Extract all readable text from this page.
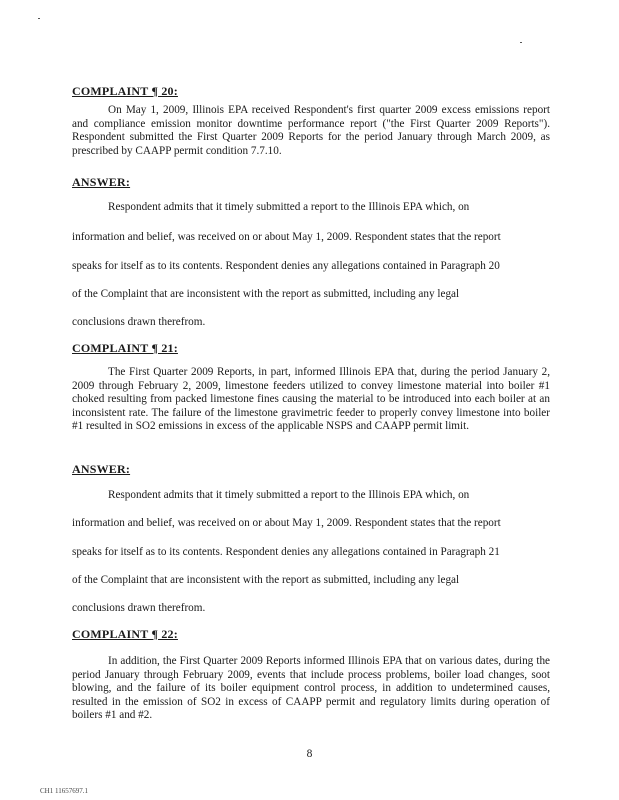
COMPLAINT ¶ 20:
On May 1, 2009, Illinois EPA received Respondent's first quarter 2009 excess emissions report and compliance emission monitor downtime performance report ("the First Quarter 2009 Reports"). Respondent submitted the First Quarter 2009 Reports for the period January through March 2009, as prescribed by CAAPP permit condition 7.7.10.
ANSWER:
Respondent admits that it timely submitted a report to the Illinois EPA which, on
information and belief, was received on or about May 1, 2009. Respondent states that the report
speaks for itself as to its contents. Respondent denies any allegations contained in Paragraph 20
of the Complaint that are inconsistent with the report as submitted, including any legal
conclusions drawn therefrom.
COMPLAINT ¶ 21:
The First Quarter 2009 Reports, in part, informed Illinois EPA that, during the period January 2, 2009 through February 2, 2009, limestone feeders utilized to convey limestone material into boiler #1 choked resulting from packed limestone fines causing the material to be introduced into each boiler at an inconsistent rate. The failure of the limestone gravimetric feeder to properly convey limestone into boiler #1 resulted in SO2 emissions in excess of the applicable NSPS and CAAPP permit limit.
ANSWER:
Respondent admits that it timely submitted a report to the Illinois EPA which, on
information and belief, was received on or about May 1, 2009. Respondent states that the report
speaks for itself as to its contents. Respondent denies any allegations contained in Paragraph 21
of the Complaint that are inconsistent with the report as submitted, including any legal
conclusions drawn therefrom.
COMPLAINT ¶ 22:
In addition, the First Quarter 2009 Reports informed Illinois EPA that on various dates, during the period January through February 2009, events that include process problems, boiler load changes, soot blowing, and the failure of its boiler equipment control process, in addition to undetermined causes, resulted in the emission of SO2 in excess of CAAPP permit and regulatory limits during operation of boilers #1 and #2.
8
CH1 11657697.1
